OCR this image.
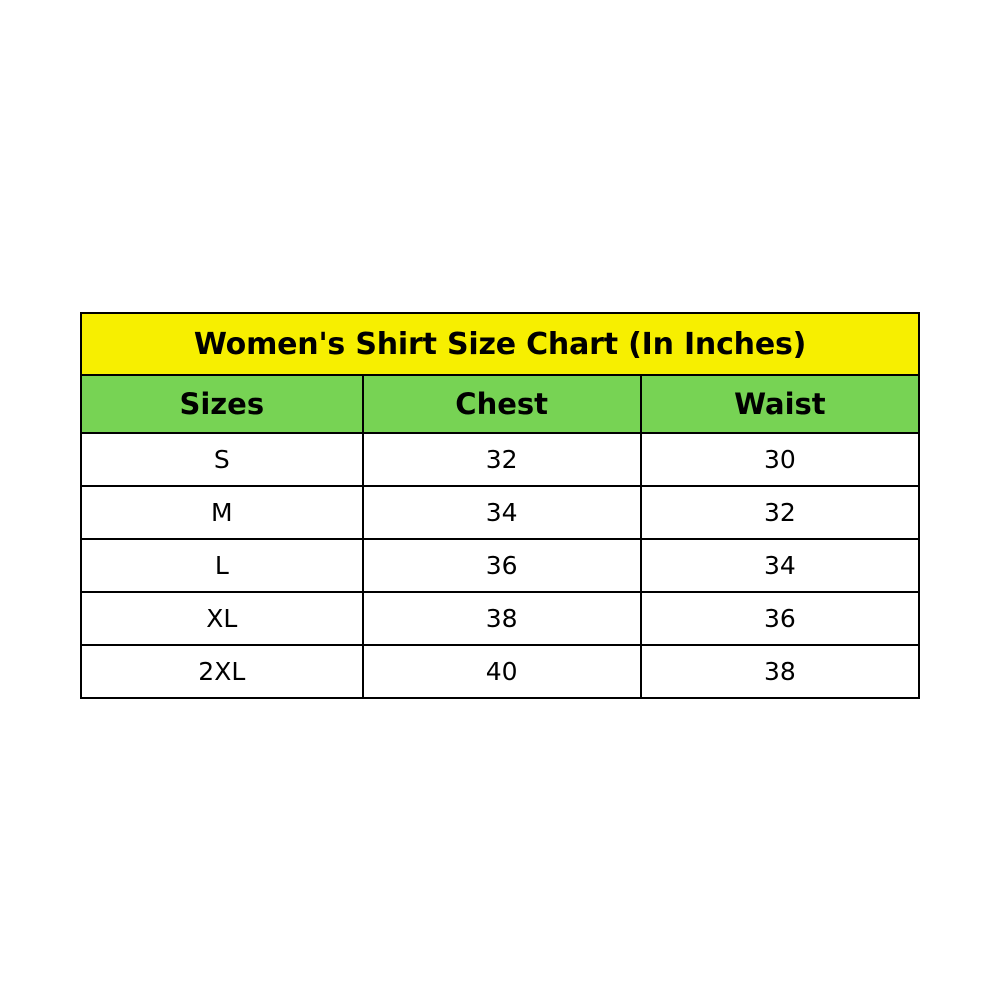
Women's Shirt Size Chart (In Inches)		
Sizes	Chest	Waist
S	32	30
M	34	32
L	36	34
XL	38	36
2XL	40	38
